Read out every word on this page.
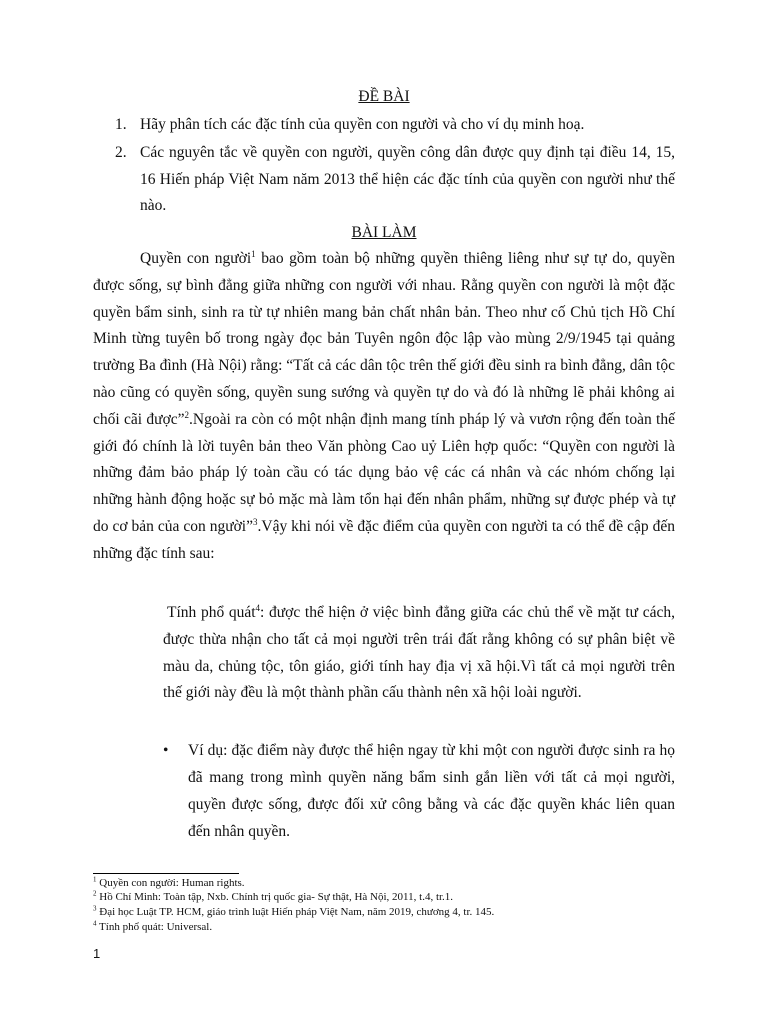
ĐỀ BÀI
1. Hãy phân tích các đặc tính của quyền con người và cho ví dụ minh hoạ.
2. Các nguyên tắc về quyền con người, quyền công dân được quy định tại điều 14, 15, 16 Hiến pháp Việt Nam năm 2013 thể hiện các đặc tính của quyền con người như thế nào.
BÀI LÀM
Quyền con người$^1$ bao gồm toàn bộ những quyền thiêng liêng như sự tự do, quyền được sống, sự bình đẳng giữa những con người với nhau. Rằng quyền con người là một đặc quyền bẩm sinh, sinh ra từ tự nhiên mang bản chất nhân bản. Theo như cố Chủ tịch Hồ Chí Minh từng tuyên bố trong ngày đọc bản Tuyên ngôn độc lập vào mùng 2/9/1945 tại quảng trường Ba đình (Hà Nội) rằng: “Tất cả các dân tộc trên thế giới đều sinh ra bình đẳng, dân tộc nào cũng có quyền sống, quyền sung sướng và quyền tự do và đó là những lẽ phải không ai chối cãi được”$^2$.Ngoài ra còn có một nhận định mang tính pháp lý và vươn rộng đến toàn thế giới đó chính là lời tuyên bản theo Văn phòng Cao uỷ Liên hợp quốc: “Quyền con người là những đảm bảo pháp lý toàn cầu có tác dụng bảo vệ các cá nhân và các nhóm chống lại những hành động hoặc sự bỏ mặc mà làm tổn hại đến nhân phẩm, những sự được phép và tự do cơ bản của con người”$^3$.Vậy khi nói về đặc điểm của quyền con người ta có thể đề cập đến những đặc tính sau:
Tính phổ quát$^4$: được thể hiện ở việc bình đẳng giữa các chủ thể về mặt tư cách, được thừa nhận cho tất cả mọi người trên trái đất rằng không có sự phân biệt về màu da, chủng tộc, tôn giáo, giới tính hay địa vị xã hội.Vì tất cả mọi người trên thế giới này đều là một thành phần cấu thành nên xã hội loài người.
• Ví dụ: đặc điểm này được thể hiện ngay từ khi một con người được sinh ra họ đã mang trong mình quyền năng bẩm sinh gắn liền với tất cả mọi người, quyền được sống, được đối xử công bằng và các đặc quyền khác liên quan đến nhân quyền.
$^1$ Quyền con người: Human rights.
$^2$ Hồ Chí Minh: Toàn tập, Nxb. Chính trị quốc gia- Sự thật, Hà Nội, 2011, t.4, tr.1.
$^3$ Đại học Luật TP. HCM, giáo trình luật Hiến pháp Việt Nam, năm 2019, chương 4, tr. 145.
$^4$ Tính phổ quát: Universal.
1
